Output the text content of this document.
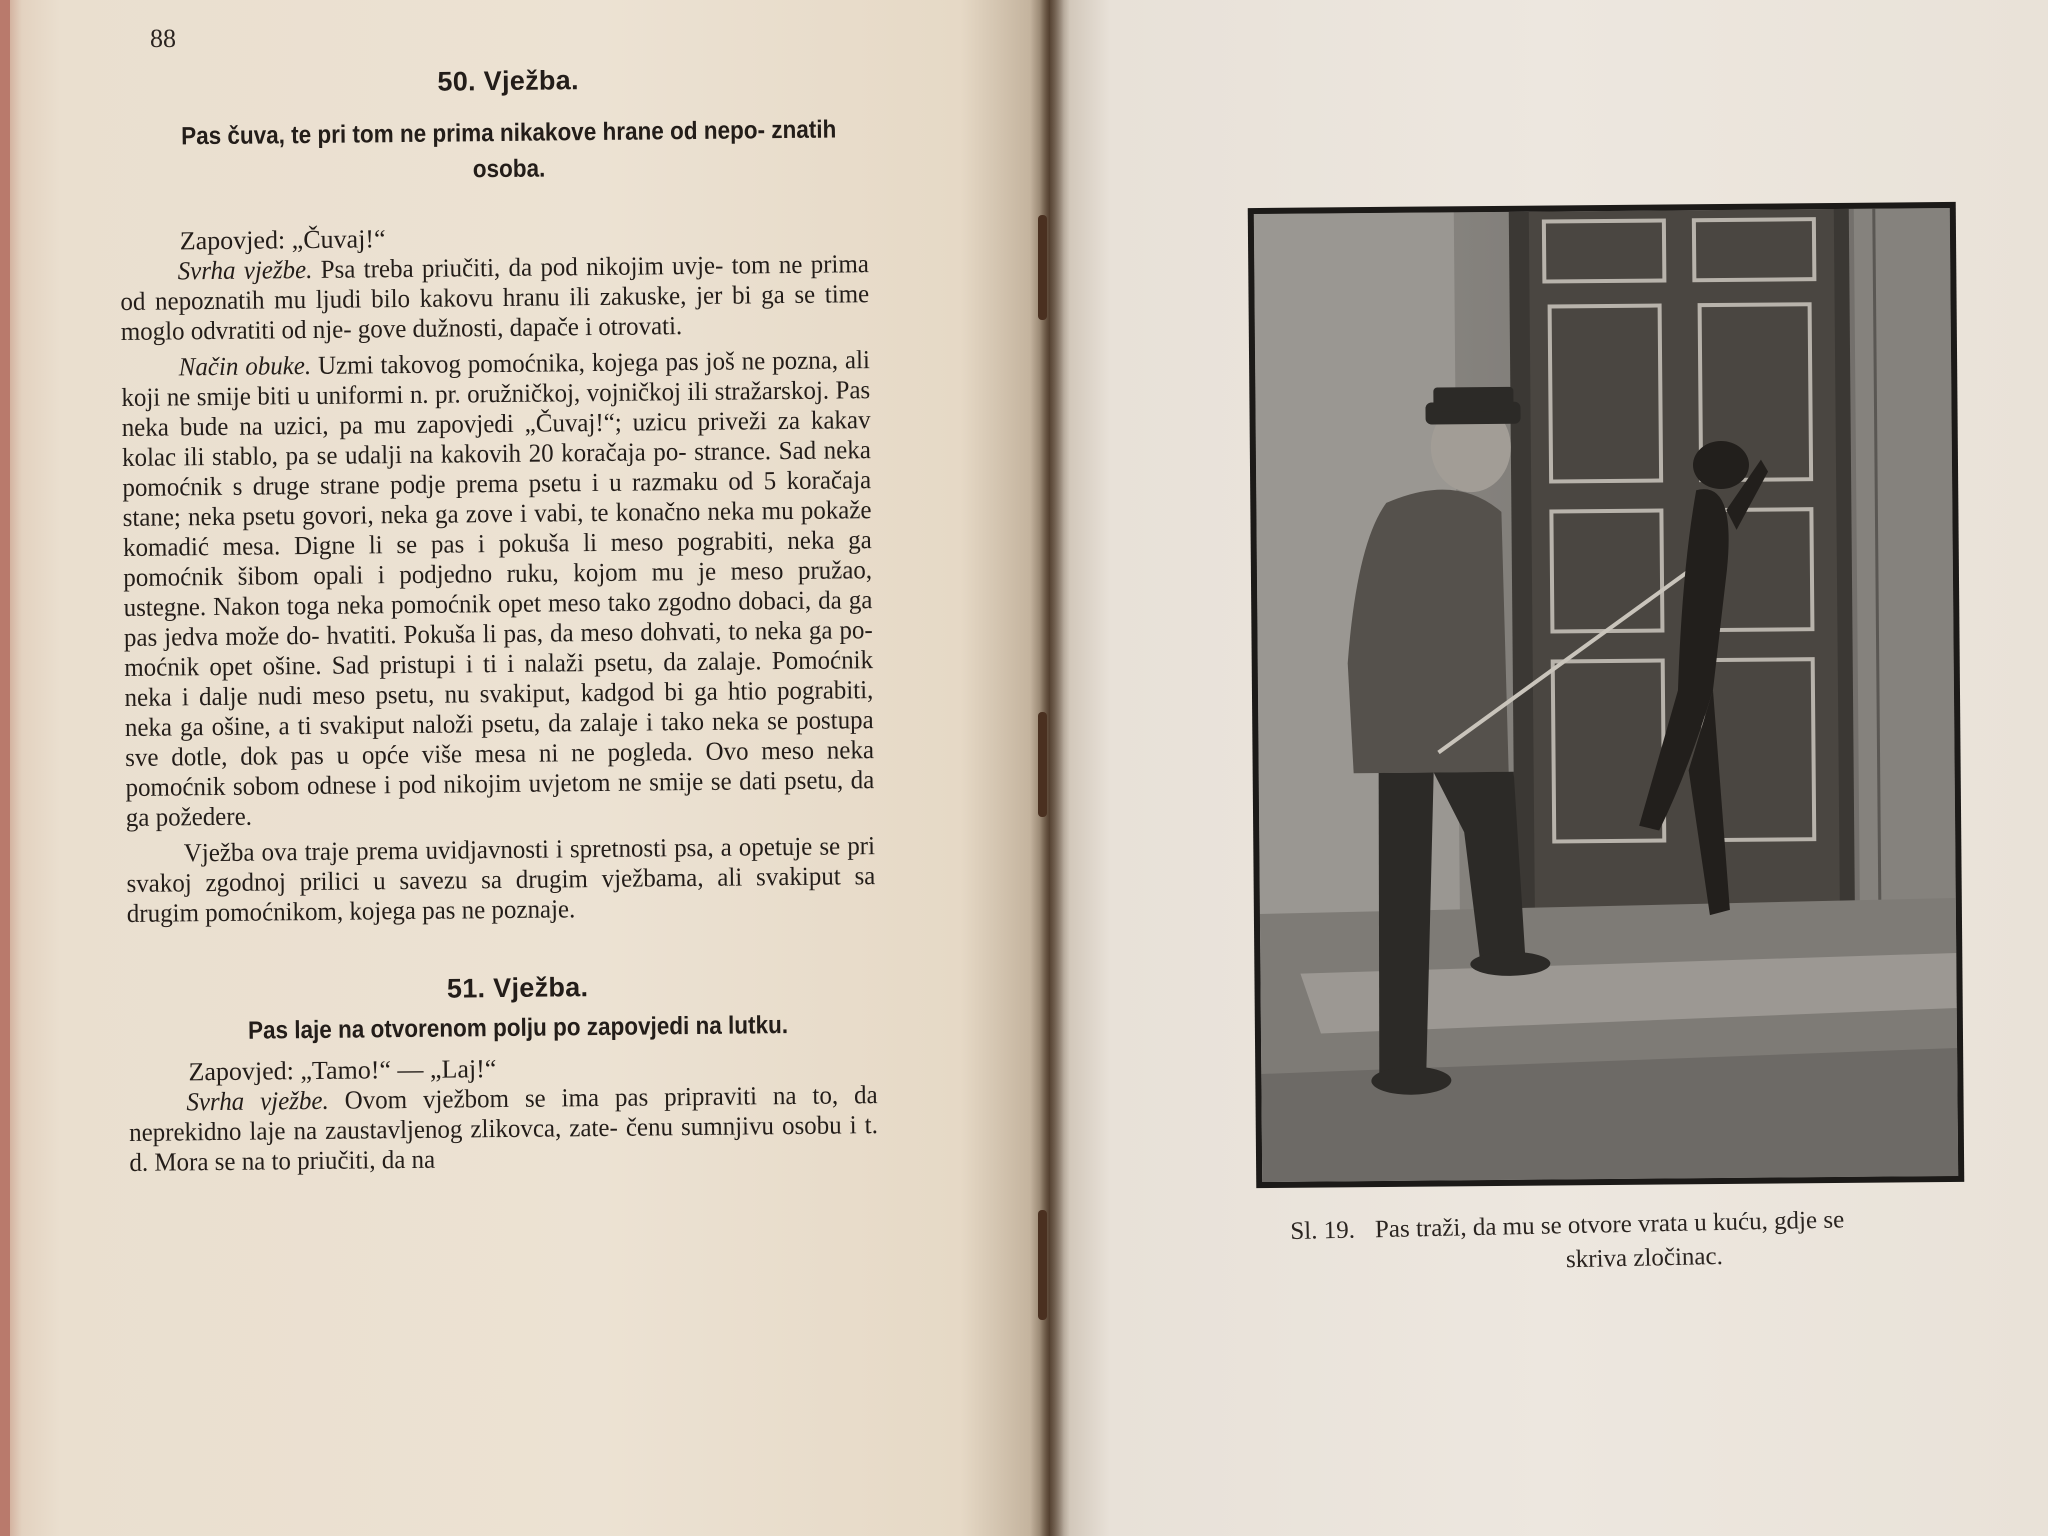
88
50. Vježba.

Pas čuva, te pri tom ne prima nikakove hrane od nepo- znatih osoba.

Zapovjed: „Čuvaj!“

Svrha vježbe. Psa treba priučiti, da pod nikojim uvje- tom ne prima od nepoznatih mu ljudi bilo kakovu hranu ili zakuske, jer bi ga se time moglo odvratiti od nje- gove dužnosti, dapače i otrovati.

Način obuke. Uzmi takovog pomoćnika, kojega pas još ne pozna, ali koji ne smije biti u uniformi n. pr. oružničkoj, vojničkoj ili stražarskoj. Pas neka bude na uzici, pa mu zapovjedi „Čuvaj!“; uzicu priveži za kakav kolac ili stablo, pa se udalji na kakovih 20 koračaja po- strance. Sad neka pomoćnik s druge strane podje prema psetu i u razmaku od 5 koračaja stane; neka psetu govori, neka ga zove i vabi, te konačno neka mu pokaže komadić mesa. Digne li se pas i pokuša li meso pograbiti, neka ga pomoćnik šibom opali i podjedno ruku, kojom mu je meso pružao, ustegne. Nakon toga neka pomoćnik opet meso tako zgodno dobaci, da ga pas jedva može do- hvatiti. Pokuša li pas, da meso dohvati, to neka ga po- moćnik opet ošine. Sad pristupi i ti i nalaži psetu, da zalaje. Pomoćnik neka i dalje nudi meso psetu, nu svakiput, kadgod bi ga htio pograbiti, neka ga ošine, a ti svakiput naloži psetu, da zalaje i tako neka se postupa sve dotle, dok pas u opće više mesa ni ne pogleda. Ovo meso neka pomoćnik sobom odnese i pod nikojim uvjetom ne smije se dati psetu, da ga požedere.

Vježba ova traje prema uvidjavnosti i spretnosti psa, a opetuje se pri svakoj zgodnoj prilici u savezu sa drugim vježbama, ali svakiput sa drugim pomoćnikom, kojega pas ne poznaje.

51. Vježba.

Pas laje na otvorenom polju po zapovjedi na lutku.

Zapovjed: „Tamo!“ — „Laj!“

Svrha vježbe. Ovom vježbom se ima pas pripraviti na to, da neprekidno laje na zaustavljenog zlikovca, zate- čenu sumnjivu osobu i t. d. Mora se na to priučiti, da na

Sl. 19. Pas traži, da mu se otvore vrata u kuću, gdje se
skriva zločinac.
